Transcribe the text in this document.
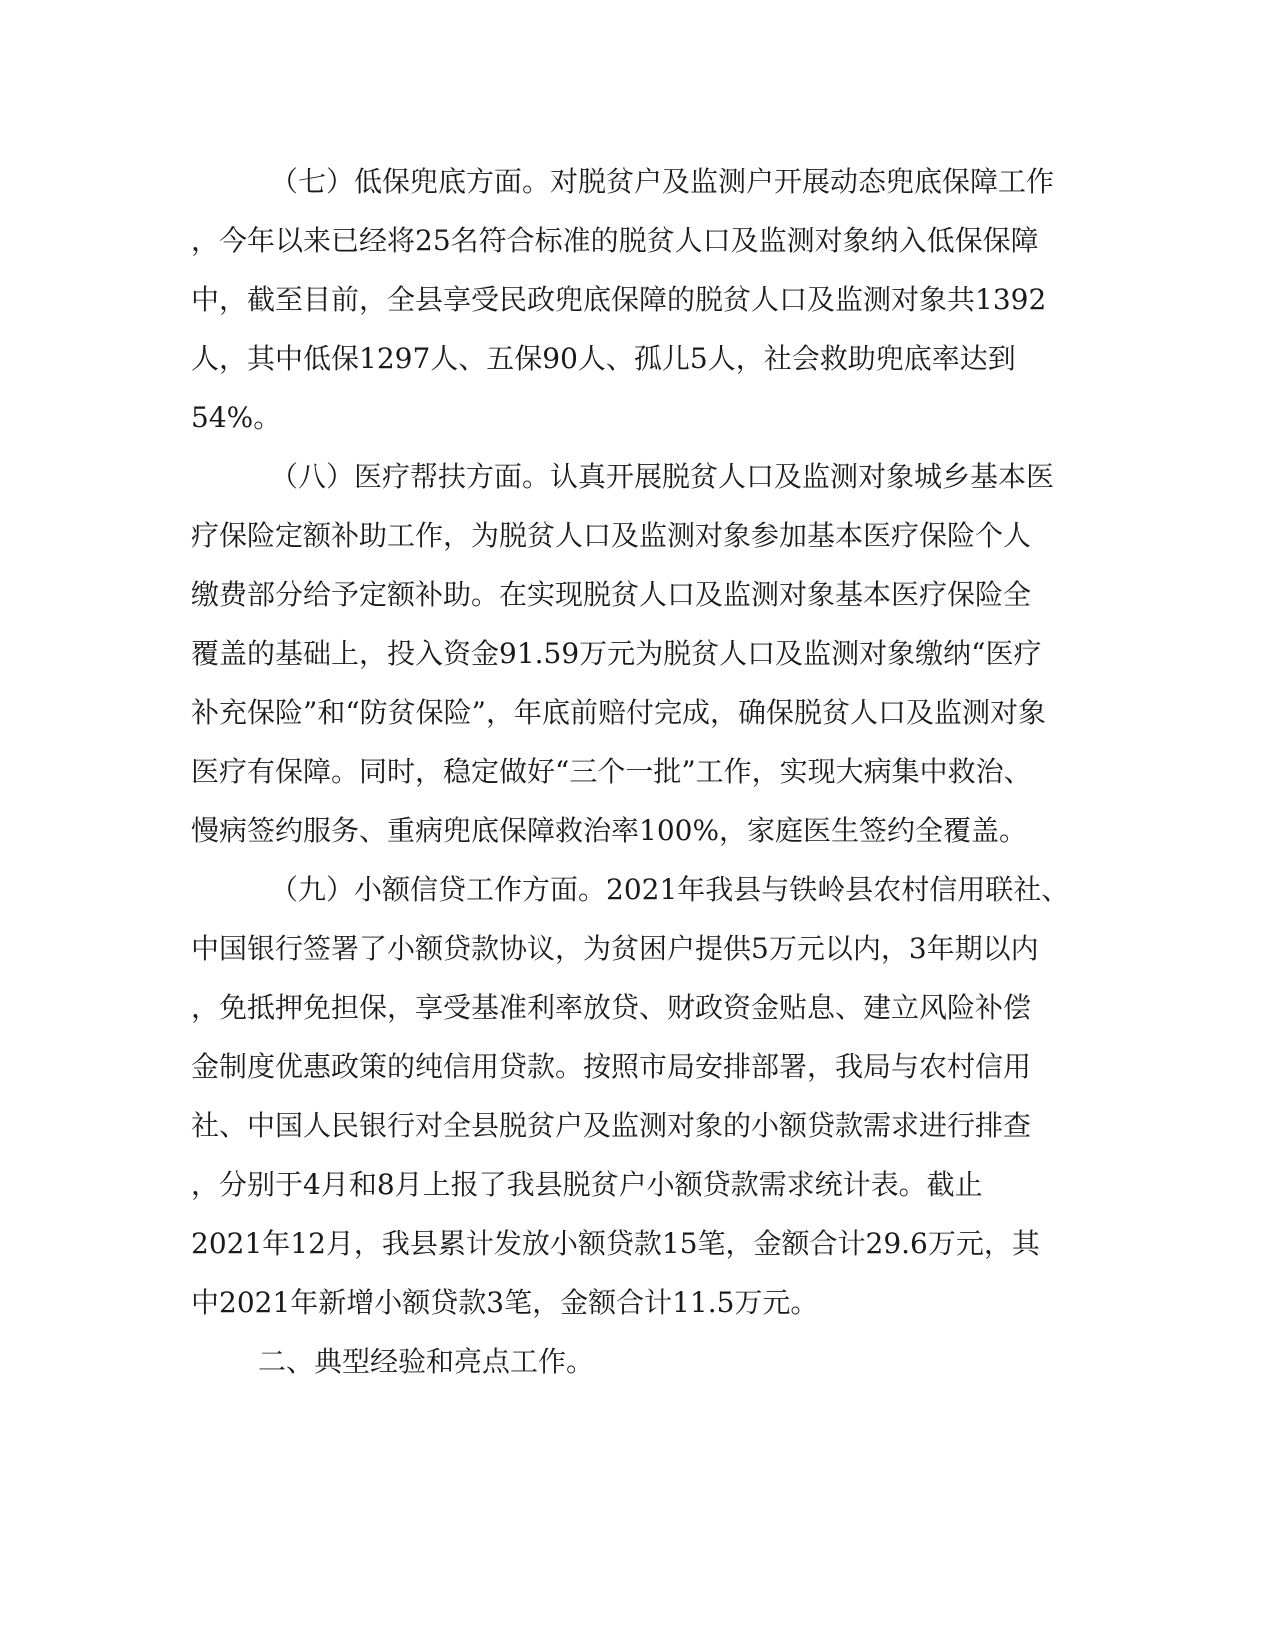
（七）低保兜底方面。对脱贫户及监测户开展动态兜底保障工作
，今年以来已经将25名符合标准的脱贫人口及监测对象纳入低保保障
中，截至目前，全县享受民政兜底保障的脱贫人口及监测对象共1392
人，其中低保1297人、五保90人、孤儿5人，社会救助兜底率达到
54%。
（八）医疗帮扶方面。认真开展脱贫人口及监测对象城乡基本医
疗保险定额补助工作，为脱贫人口及监测对象参加基本医疗保险个人
缴费部分给予定额补助。在实现脱贫人口及监测对象基本医疗保险全
覆盖的基础上，投入资金91.59万元为脱贫人口及监测对象缴纳“医疗
补充保险”和“防贫保险”，年底前赔付完成，确保脱贫人口及监测对象
医疗有保障。同时，稳定做好“三个一批”工作，实现大病集中救治、
慢病签约服务、重病兜底保障救治率100%，家庭医生签约全覆盖。
（九）小额信贷工作方面。2021年我县与铁岭县农村信用联社、
中国银行签署了小额贷款协议，为贫困户提供5万元以内，3年期以内
，免抵押免担保，享受基准利率放贷、财政资金贴息、建立风险补偿
金制度优惠政策的纯信用贷款。按照市局安排部署，我局与农村信用
社、中国人民银行对全县脱贫户及监测对象的小额贷款需求进行排查
，分别于4月和8月上报了我县脱贫户小额贷款需求统计表。截止
2021年12月，我县累计发放小额贷款15笔，金额合计29.6万元，其
中2021年新增小额贷款3笔，金额合计11.5万元。
二、典型经验和亮点工作。
